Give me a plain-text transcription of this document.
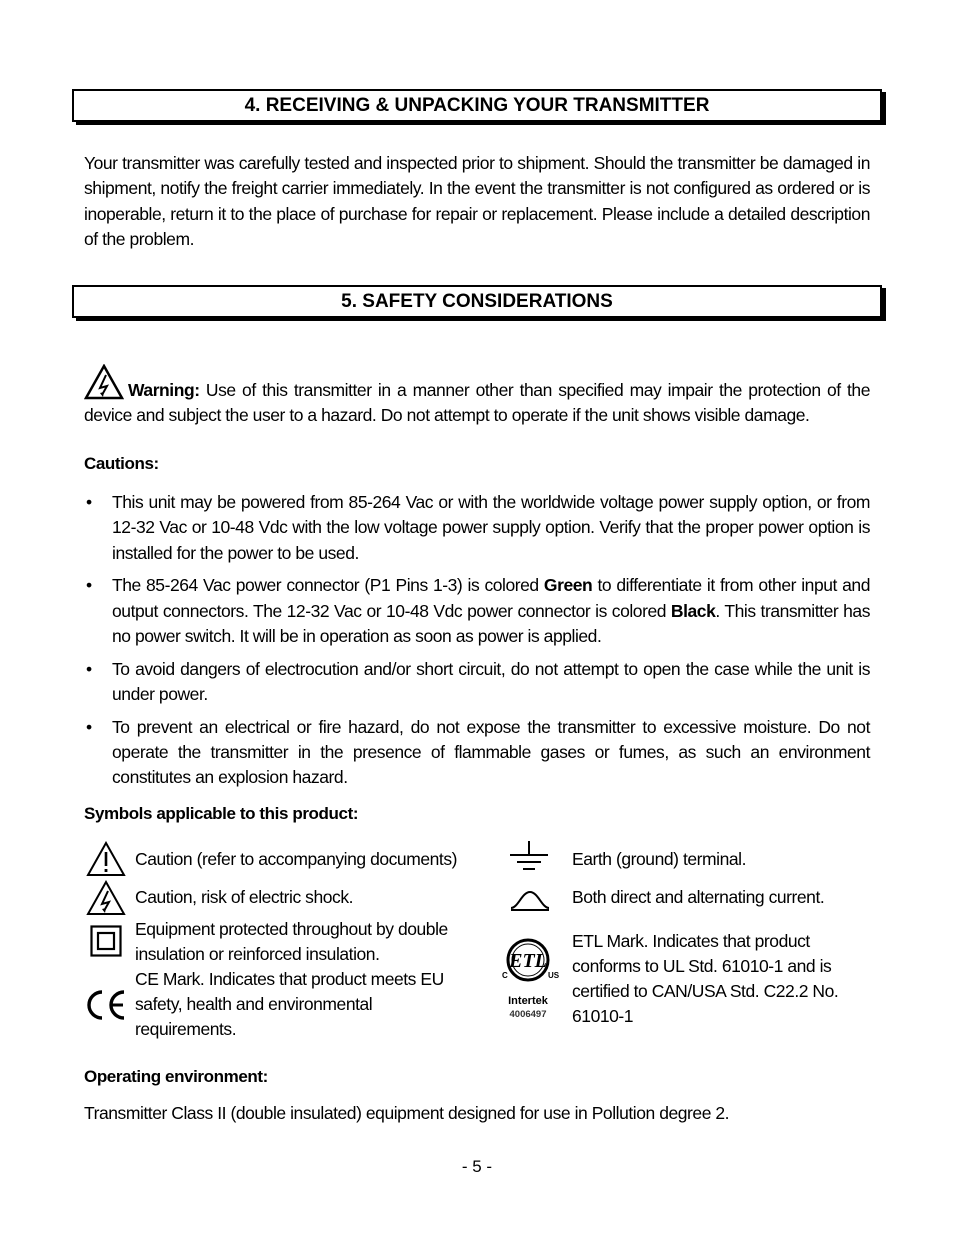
4. RECEIVING & UNPACKING YOUR TRANSMITTER
Your transmitter was carefully tested and inspected prior to shipment. Should the transmitter be damaged in shipment, notify the freight carrier immediately. In the event the transmitter is not configured as ordered or is inoperable, return it to the place of purchase for repair or replacement. Please include a detailed description of the problem.
5. SAFETY CONSIDERATIONS
Warning: Use of this transmitter in a manner other than specified may impair the protection of the device and subject the user to a hazard. Do not attempt to operate if the unit shows visible damage.
Cautions:
• This unit may be powered from 85-264 Vac or with the worldwide voltage power supply option, or from 12-32 Vac or 10-48 Vdc with the low voltage power supply option. Verify that the proper power option is installed for the power to be used.
• The 85-264 Vac power connector (P1 Pins 1-3) is colored Green to differentiate it from other input and output connectors. The 12-32 Vac or 10-48 Vdc power connector is colored Black. This transmitter has no power switch. It will be in operation as soon as power is applied.
• To avoid dangers of electrocution and/or short circuit, do not attempt to open the case while the unit is under power.
• To prevent an electrical or fire hazard, do not expose the transmitter to excessive moisture. Do not operate the transmitter in the presence of flammable gases or fumes, as such an environment constitutes an explosion hazard.
Symbols applicable to this product:
Caution (refer to accompanying documents)
Caution, risk of electric shock.
Equipment protected throughout by double insulation or reinforced insulation.
CE Mark. Indicates that product meets EU safety, health and environmental requirements.
Earth (ground) terminal.
Both direct and alternating current.
ETL
C	US
Intertek
4006497
ETL Mark. Indicates that product conforms to UL Std. 61010-1 and is certified to CAN/USA Std. C22.2 No. 61010-1
Operating environment:
Transmitter Class II (double insulated) equipment designed for use in Pollution degree 2.
- 5 -
